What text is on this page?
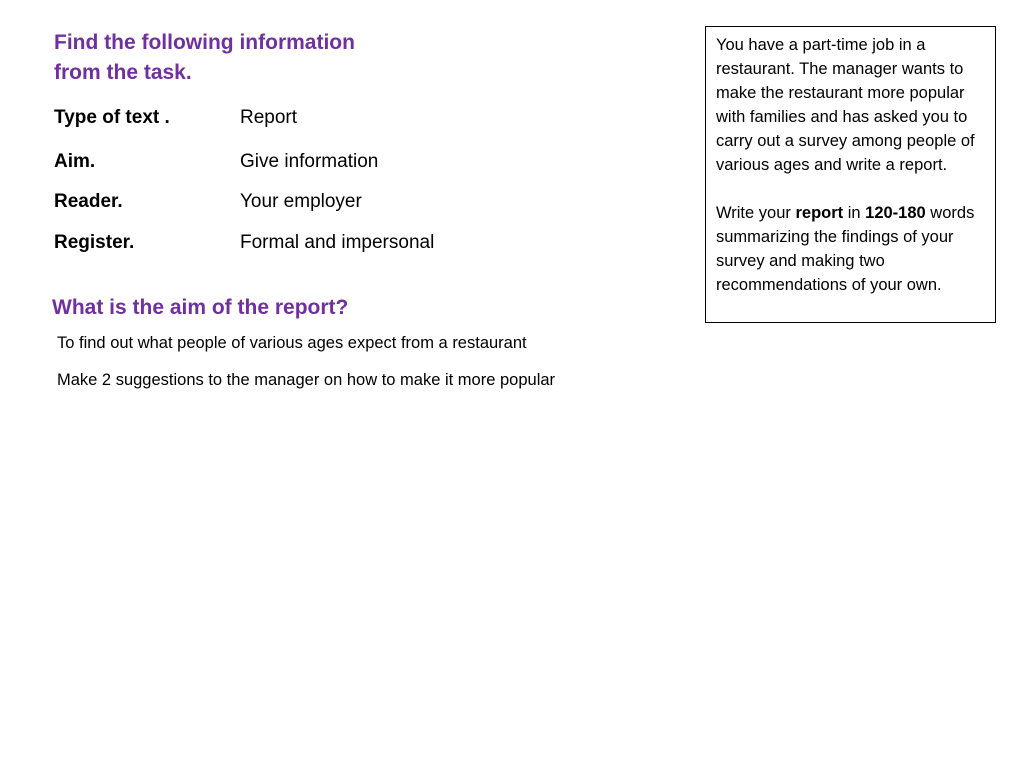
Find the following information
from the task.
Type of text .	Report
Aim.	Give information
Reader.	Your employer
Register.	Formal and impersonal
What is the aim of the report?
To find out what people of various ages expect from a restaurant
Make 2 suggestions to the manager on how to make it more popular

You have a part-time job in a restaurant. The manager wants to make the restaurant more popular with families and has asked you to carry out a survey among people of various ages and write a report.

Write your report in 120-180 words summarizing the findings of your survey and making two recommendations of your own.
